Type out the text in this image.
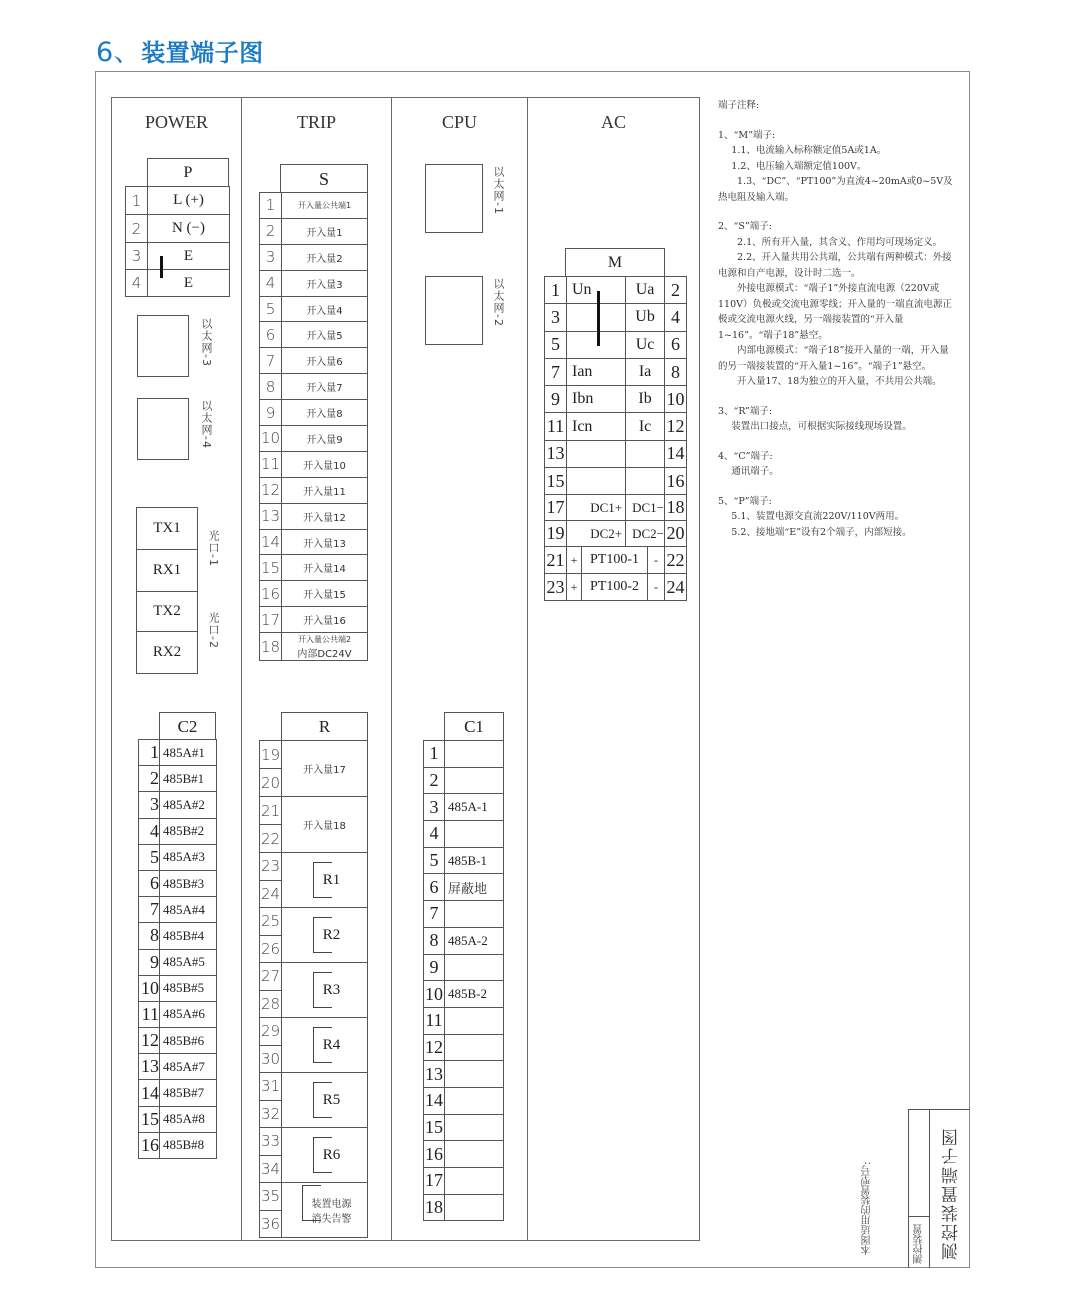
6、装置端子图
POWER	TRIP	CPU	AC
P
1	L (+)
2	N (−)
3	E
4	E
以太网-3
以太网-4
TX1
RX1
TX2
RX2
光口-1
光口-2
C2
1	485A#1
2	485B#1
3	485A#2
4	485B#2
5	485A#3
6	485B#3
7	485A#4
8	485B#4
9	485A#5
10	485B#5
11	485A#6
12	485B#6
13	485A#7
14	485B#7
15	485A#8
16	485B#8
S
1	开入量公共端1
2	开入量1
3	开入量2
4	开入量3
5	开入量4
6	开入量5
7	开入量6
8	开入量7
9	开入量8
10	开入量9
11	开入量10
12	开入量11
13	开入量12
14	开入量13
15	开入量14
16	开入量15
17	开入量16
18	开入量公共端2
内部DC24V
R
19	开入量17
20	
21	开入量18
22	
23	R1
24	
25	R2
26	
27	R3
28	
29	R4
30	
31	R5
32	
33	R6
34	
35	装置电源
消失告警

36	
以太网-1
以太网-2
C1
1	
2	
3	485A-1
4	
5	485B-1
6	屏蔽地
7	
8	485A-2
9	
10	485B-2
11	
12	
13	
14	
15	
16	
17	
18	
M
1	Un		Ua		2
3			Ub		4
5			Uc		6
7	Ian		Ia		8
9	Ibn		Ib		10
11	Icn		Ic		12
13					14
15					16
17	DC1+		DC1−		18
19	DC2+		DC2−		20
21	+	PT100-1		-	22
23	+	PT100-2		-	24

端子注释:

1、“M”端子:

1.1、电流输入标称额定值5A或1A。

1.2、电压输入端额定值100V。

1.3、“DC”、“PT100”为直流4~20mA或0~5V及热电阻及输入端。

2、“S”端子:

2.1、所有开入量，其含义、作用均可现场定义。

2.2、开入量共用公共端，公共端有两种模式：外接电源和自产电源，设计时二选一。

外接电源模式：“端子1”外接直流电源（220V或110V）负极或交流电源零线；开入量的一端直流电源正极或交流电源火线，另一端接装置的“开入量1~16”。“端子18”悬空。

内部电源模式：“端子18”接开入量的一端，开入量的另一端接装置的“开入量1~16”。“端子1”悬空。

开入量17、18为独立的开入量，不共用公共端。

3、“R”端子:

装置出口接点，可根据实际接线现场设置。

4、“C”端子:

通讯端子。

5、“P”端子:

5.1、装置电源交直流220V/110V两用。

5.2、接地端“E”设有2个端子，内部短接。

本图适用的装置型号:	测控装置 测控装置端子图
